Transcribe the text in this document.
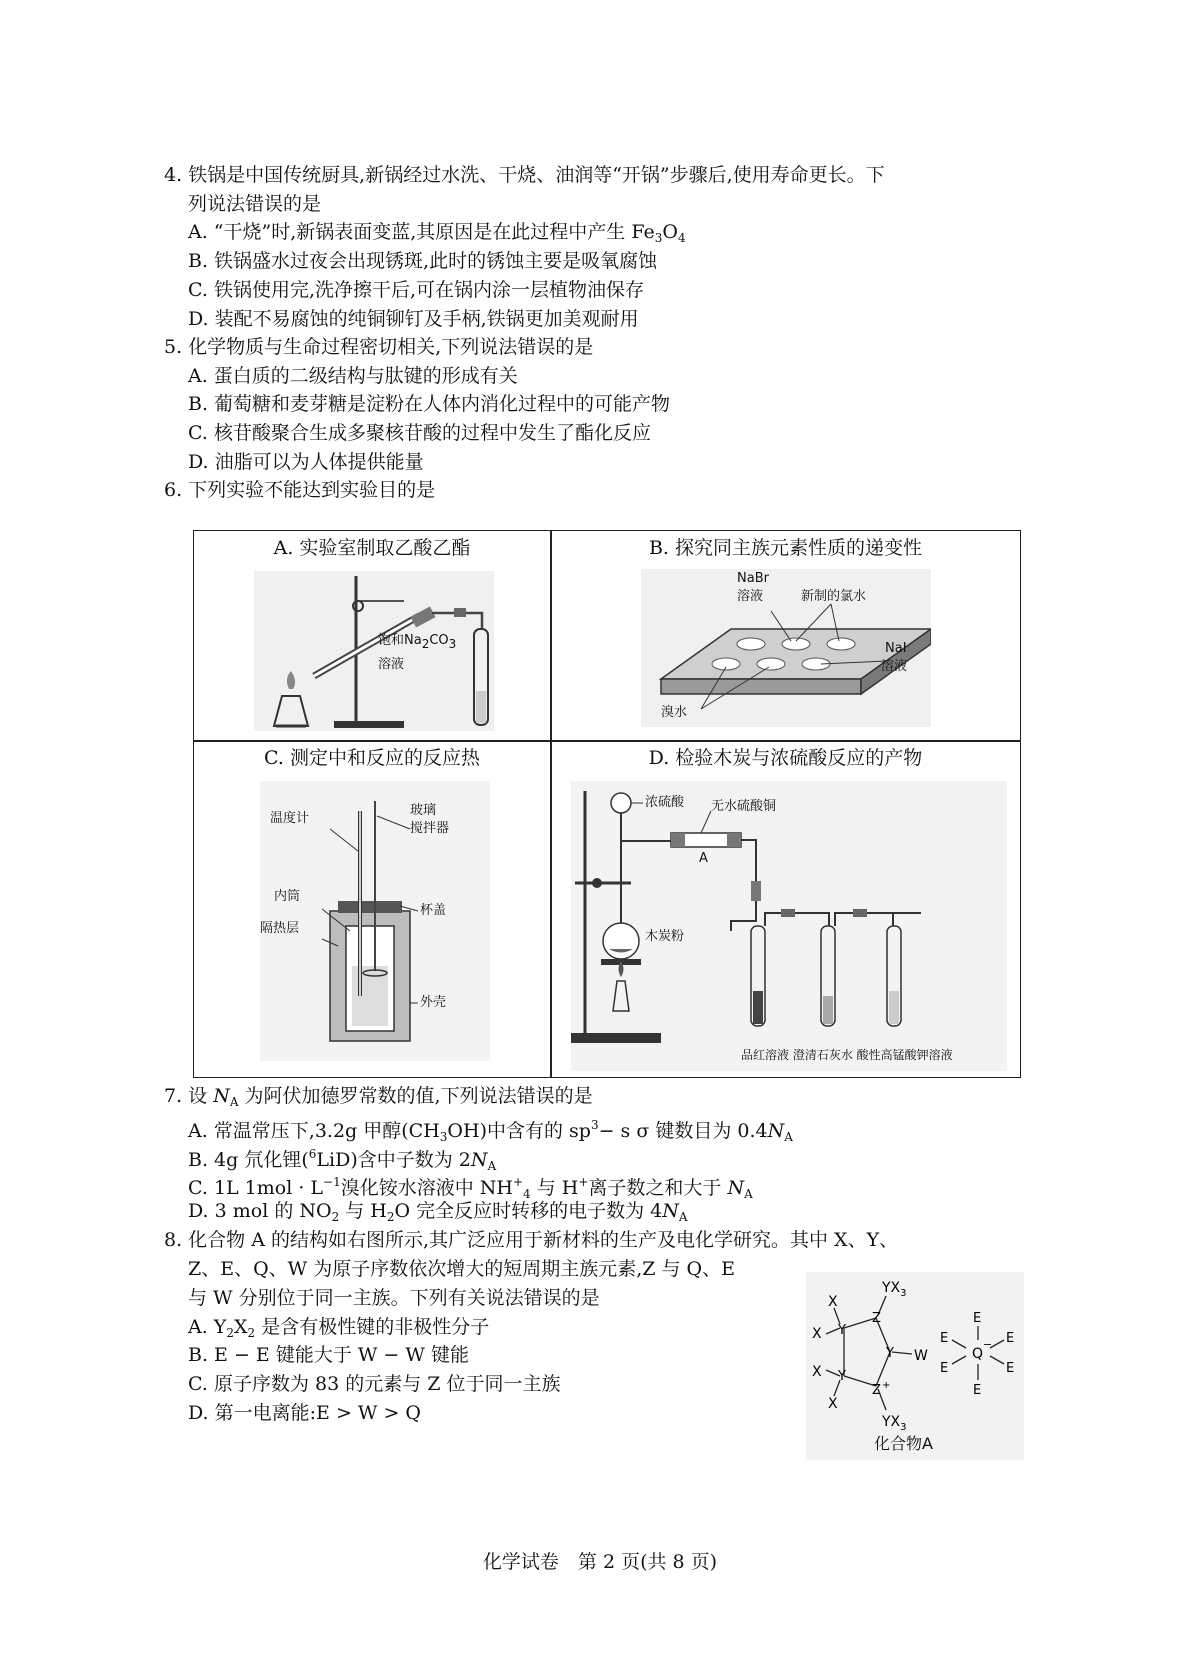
4. 铁锅是中国传统厨具,新锅经过水洗、干烧、油润等“开锅”步骤后,使用寿命更长。下
列说法错误的是
A. “干烧”时,新锅表面变蓝,其原因是在此过程中产生 $Fe_3O_4$
B. 铁锅盛水过夜会出现锈斑,此时的锈蚀主要是吸氧腐蚀
C. 铁锅使用完,洗净擦干后,可在锅内涂一层植物油保存
D. 装配不易腐蚀的纯铜铆钉及手柄,铁锅更加美观耐用
5. 化学物质与生命过程密切相关,下列说法错误的是
A. 蛋白质的二级结构与肽键的形成有关
B. 葡萄糖和麦芽糖是淀粉在人体内消化过程中的可能产物
C. 核苷酸聚合生成多聚核苷酸的过程中发生了酯化反应
D. 油脂可以为人体提供能量
6. 下列实验不能达到实验目的是
A. 实验室制取乙酸乙酯
饱和Na2CO3
溶液
B. 探究同主族元素性质的递变性
NaBr
溶液	新制的氯水
NaI
溶液
溴水
C. 测定中和反应的反应热
温度计
玻璃
搅拌器
内筒
杯盖
隔热层
外壳
D. 检验木炭与浓硫酸反应的产物
浓硫酸 无水硫酸铜
A
木炭粉
品红溶液 澄清石灰水 酸性高锰酸钾溶液
7. 设 $N_A$ 为阿伏加德罗常数的值,下列说法错误的是
A. 常温常压下,3.2g 甲醇$(CH_3OH)$中含有的 $sp^3- s$ σ 键数目为 $0.4N_A$
B. 4g 氘化锂($^6$LiD)含中子数为 $2N_A$
C. 1L $1mol \cdot L^{-1}$溴化铵水溶液中 $NH^+_4$ 与 H+离子数之和大于 $N_A$
D. 3 mol 的 $NO_2$ 与 $H_2O$ 完全反应时转移的电子数为 $4N_A$
8. 化合物 A 的结构如右图所示,其广泛应用于新材料的生产及电化学研究。其中 X、Y、
Z、E、Q、W 为原子序数依次增大的短周期主族元素,Z 与 Q、E
与 W 分别位于同一主族。下列有关说法错误的是
A. $Y_2X_2$ 是含有极性键的非极性分子
B. E − E 键能大于 W − W 键能
C. 原子序数为 83 的元素与 Z 位于同一主族
D. 第一电离能:E > W > Q
X
X
X
X
Y
Y
Z
Z +
Y W
$YX_3$
$YX_3$
Q
−
E
E
E
E
E
E
化合物A
化学试卷　第 2 页(共 8 页)
